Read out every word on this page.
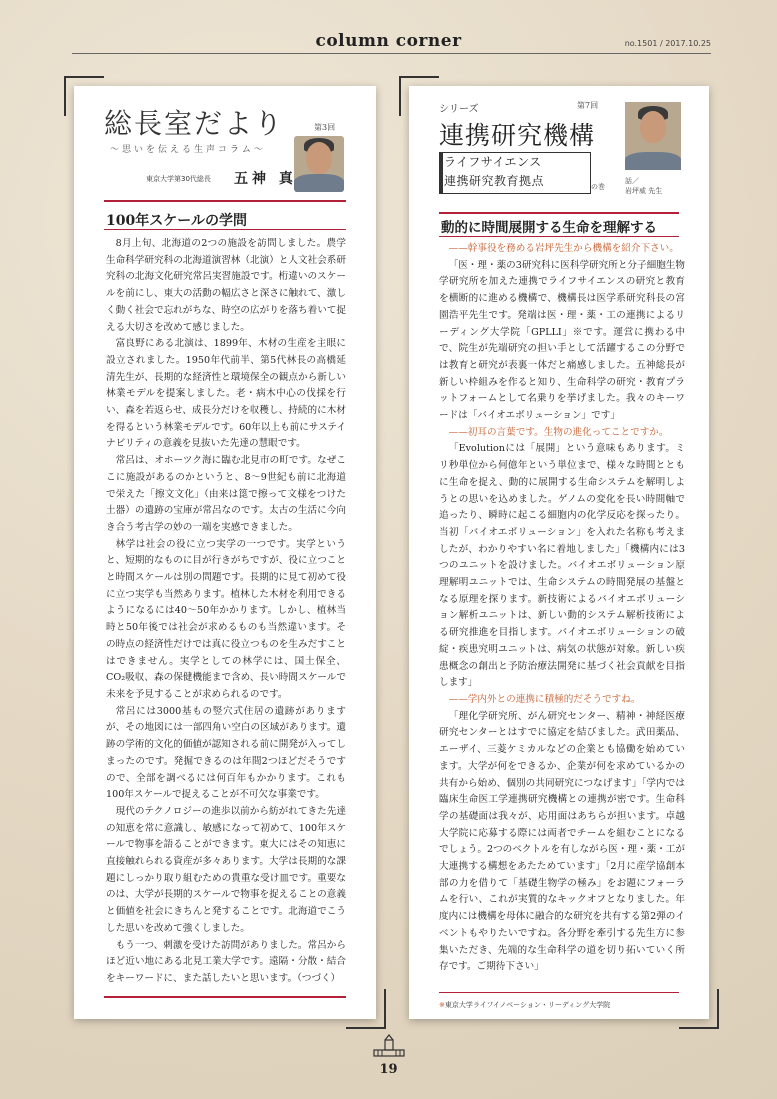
column corner	no.1501 / 2017.10.25
総長室だより
〜思いを伝える生声コラム〜
第3回
東京大学第30代総長 五神 真
100年スケールの学問

8月上旬、北海道の2つの施設を訪問しました。農学生命科学研究科の北海道演習林（北演）と人文社会系研究科の北海文化研究常呂実習施設です。桁違いのスケールを前にし、東大の活動の幅広さと深さに触れて、激しく動く社会で忘れがちな、時空の広がりを落ち着いて捉える大切さを改めて感じました。

富良野にある北演は、1899年、木材の生産を主眼に設立されました。1950年代前半、第5代林長の高橋延清先生が、長期的な経済性と環境保全の観点から新しい林業モデルを提案しました。老・病木中心の伐採を行い、森を若返らせ、成長分だけを収穫し、持続的に木材を得るという林業モデルです。60年以上も前にサステイナビリティの意義を見抜いた先達の慧眼です。

常呂は、オホーツク海に臨む北見市の町です。なぜここに施設があるのかというと、8〜9世紀も前に北海道で栄えた「擦文文化」（由来は箆で擦って文様をつけた土器）の遺跡の宝庫が常呂なのです。太古の生活に今向き合う考古学の妙の一端を実感できました。

林学は社会の役に立つ実学の一つです。実学というと、短期的なものに目が行きがちですが、役に立つことと時間スケールは別の問題です。長期的に見て初めて役に立つ実学も当然あります。植林した木材を利用できるようになるには40〜50年かかります。しかし、植林当時と50年後では社会が求めるものも当然違います。その時点の経済性だけでは真に役立つものを生みだすことはできません。実学としての林学には、国土保全、CO₂吸収、森の保健機能まで含め、長い時間スケールで未来を予見することが求められるのです。

常呂には3000基もの竪穴式住居の遺跡がありますが、その地図には一部四角い空白の区域があります。遺跡の学術的文化的価値が認知される前に開発が入ってしまったのです。発掘できるのは年間2つほどだそうですので、全部を調べるには何百年もかかります。これも100年スケールで捉えることが不可欠な事業です。

現代のテクノロジーの進歩以前から紡がれてきた先達の知恵を常に意識し、敏感になって初めて、100年スケールで物事を語ることができます。東大にはその知恵に直接触れられる資産が多々あります。大学は長期的な課題にしっかり取り組むための貴重な受け皿です。重要なのは、大学が長期的スケールで物事を捉えることの意義と価値を社会にきちんと発することです。北海道でこうした思いを改めて強くしました。

もう一つ、刺激を受けた訪問がありました。常呂からほど近い地にある北見工業大学です。遠隔・分散・結合をキーワードに、また話したいと思います。（つづく）

シリーズ	第7回
連携研究機構
ライフサイエンス
連携研究教育拠点	の巻
話／
岩坪威 先生
動的に時間展開する生命を理解する

——幹事役を務める岩坪先生から機構を紹介下さい。

「医・理・薬の3研究科に医科学研究所と分子細胞生物学研究所を加えた連携でライフサイエンスの研究と教育を横断的に進める機構で、機構長は医学系研究科長の宮園浩平先生です。発端は医・理・薬・工の連携によるリーディング大学院「GPLLI」※です。運営に携わる中で、院生が先端研究の担い手として活躍するこの分野では教育と研究が表裏一体だと痛感しました。五神総長が新しい枠組みを作ると知り、生命科学の研究・教育プラットフォームとして名乗りを挙げました。我々のキーワードは「バイオエボリューション」です」

——初耳の言葉です。生物の進化ってことですか。

「Evolutionには「展開」という意味もあります。ミリ秒単位から何億年という単位まで、様々な時間とともに生命を捉え、動的に展開する生命システムを解明しようとの思いを込めました。ゲノムの変化を長い時間軸で追ったり、瞬時に起こる細胞内の化学反応を探ったり。当初「バイオエボリューション」を入れた名称も考えましたが、わかりやすい名に着地しました」「機構内には3つのユニットを設けました。バイオエボリューション原理解明ユニットでは、生命システムの時間発展の基盤となる原理を探ります。新技術によるバイオエボリューション解析ユニットは、新しい動的システム解析技術による研究推進を目指します。バイオエボリューションの破綻・疾患究明ユニットは、病気の状態が対象。新しい疾患概念の創出と予防治療法開発に基づく社会貢献を目指します」

——学内外との連携に積極的だそうですね。

「理化学研究所、がん研究センター、精神・神経医療研究センターとはすでに協定を結びました。武田薬品、エーザイ、三菱ケミカルなどの企業とも協働を始めています。大学が何をできるか、企業が何を求めているかの共有から始め、個別の共同研究につなげます」「学内では臨床生命医工学連携研究機構との連携が密です。生命科学の基礎面は我々が、応用面はあちらが担います。卓越大学院に応募する際には両者でチームを組むことになるでしょう。2つのベクトルを有しながら医・理・薬・工が大連携する構想をあたためています」「2月に産学協創本部の力を借りて「基礎生物学の極み」をお題にフォーラムを行い、これが実質的なキックオフとなりました。年度内には機構を母体に融合的な研究を共有する第2弾のイベントもやりたいですね。各分野を牽引する先生方に参集いただき、先端的な生命科学の道を切り拓いていく所存です。ご期待下さい」

※東京大学ライフイノベーション・リーディング大学院
19
